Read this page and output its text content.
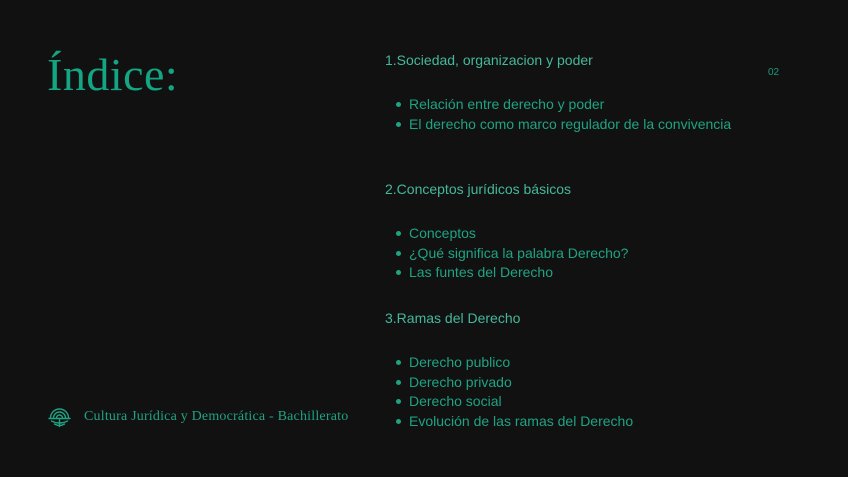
Índice:	02
1.Sociedad, organizacion y poder
Relación entre derecho y poder
El derecho como marco regulador de la convivencia
2.Conceptos jurídicos básicos
Conceptos
¿Qué significa la palabra Derecho?
Las funtes del Derecho
3.Ramas del Derecho
Derecho publico
Derecho privado
Derecho social
Evolución de las ramas del Derecho
Cultura Jurídica y Democrática - Bachillerato
